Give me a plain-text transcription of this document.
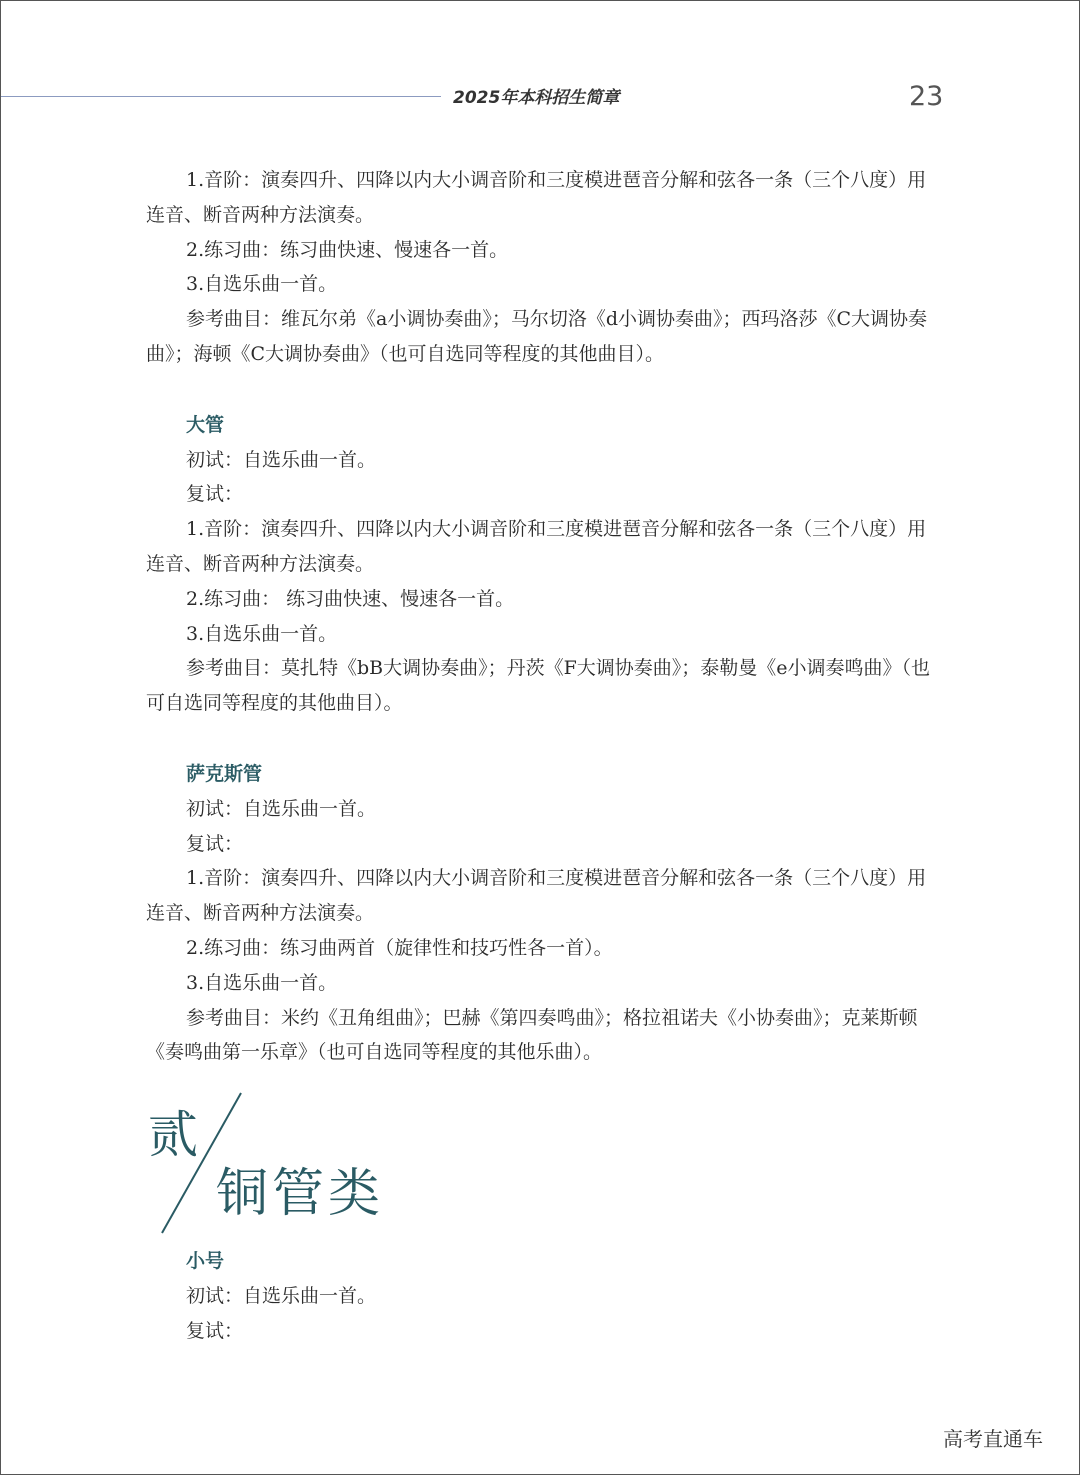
2025年本科招生简章	23

1.音阶：演奏四升、四降以内大小调音阶和三度模进琶音分解和弦各一条（三个八度）用连音、断音两种方法演奏。

2.练习曲：练习曲快速、慢速各一首。

3.自选乐曲一首。

参考曲目：维瓦尔弟《a小调协奏曲》；马尔切洛《d小调协奏曲》；西玛洛莎《C大调协奏曲》；海顿《C大调协奏曲》（也可自选同等程度的其他曲目）。

大管

初试：自选乐曲一首。

复试：

1.音阶：演奏四升、四降以内大小调音阶和三度模进琶音分解和弦各一条（三个八度）用连音、断音两种方法演奏。

2.练习曲： 练习曲快速、慢速各一首。

3.自选乐曲一首。

参考曲目：莫扎特《bB大调协奏曲》；丹茨《F大调协奏曲》；泰勒曼《e小调奏鸣曲》（也可自选同等程度的其他曲目）。

萨克斯管

初试：自选乐曲一首。

复试：

1.音阶：演奏四升、四降以内大小调音阶和三度模进琶音分解和弦各一条（三个八度）用连音、断音两种方法演奏。

2.练习曲：练习曲两首（旋律性和技巧性各一首）。

3.自选乐曲一首。

参考曲目：米约《丑角组曲》；巴赫《第四奏鸣曲》；格拉祖诺夫《小协奏曲》；克莱斯顿《奏鸣曲第一乐章》（也可自选同等程度的其他乐曲）。

贰
铜管类

小号

初试：自选乐曲一首。

复试：

高考直通车
